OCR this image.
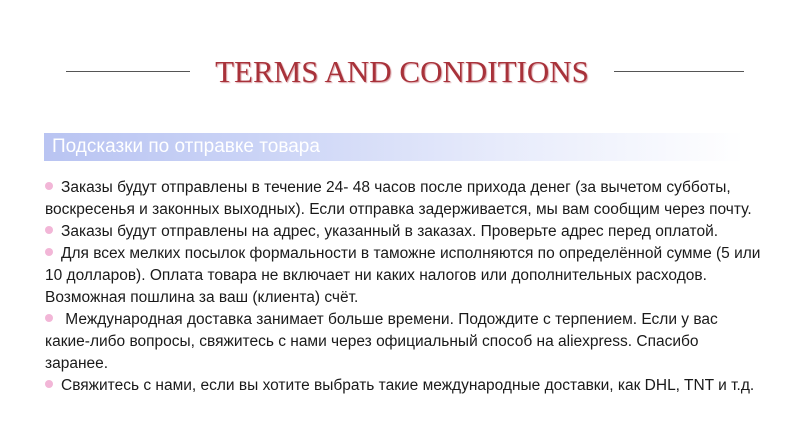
TERMS AND CONDITIONS
Подсказки по отправке товара

Заказы будут отправлены в течение 24- 48 часов после прихода денег (за вычетом субботы, воскресенья и законных выходных). Если отправка задерживается, мы вам сообщим через почту.

Заказы будут отправлены на адрес, указанный в заказах. Проверьте адрес перед оплатой.

Для всех мелких посылок формальности в таможне исполняются по определённой сумме (5 или 10 долларов). Оплата товара не включает ни каких налогов или дополнительных расходов. Возможная пошлина за ваш (клиента) счёт.

Международная доставка занимает больше времени. Подождите с терпением. Если у вас какие-либо вопросы, свяжитесь с нами через официальный способ на aliexpress. Спасибо заранее.

Свяжитесь с нами, если вы хотите выбрать такие международные доставки, как DHL, TNT и т.д.
